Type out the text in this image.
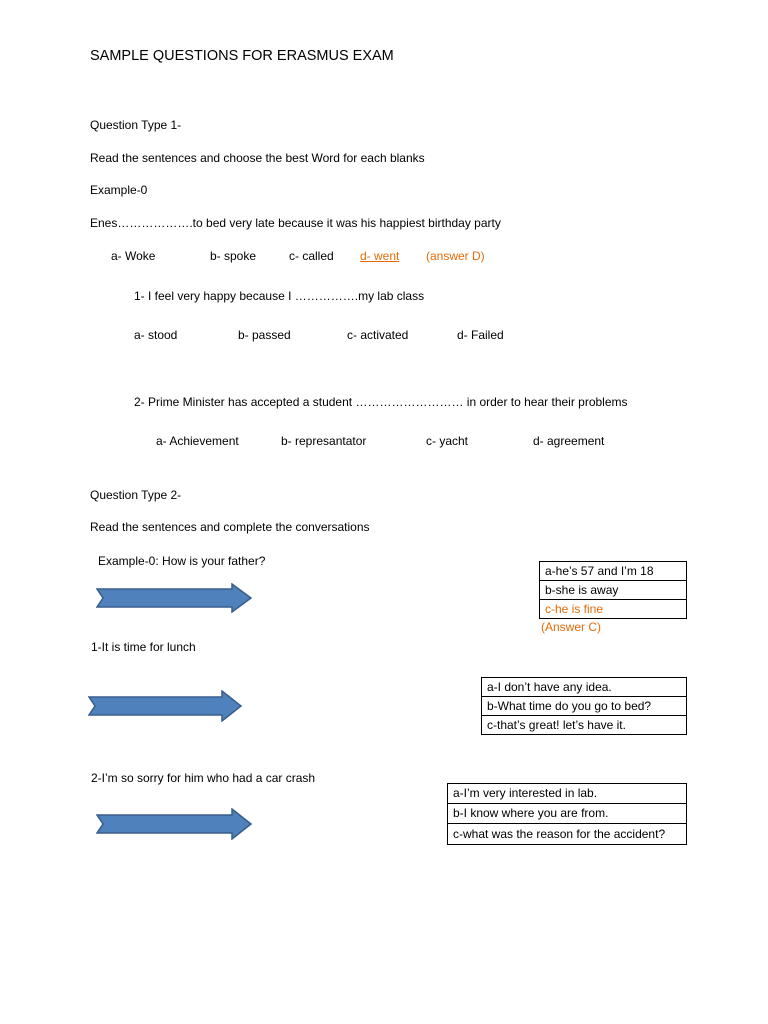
SAMPLE QUESTIONS FOR ERASMUS EXAM
Question Type 1-
Read the sentences and choose the best Word for each blanks
Example-0
Enes……………….to bed very late because it was his happiest birthday party
a- Woke	b- spoke	c- called d- went (answer D)
1- I feel very happy because I …………….my lab class
a- stood	b- passed	c- activated	d- Failed
2- Prime Minister has accepted a student ……………………… in order to hear their problems
a- Achievement	b- represantator	c- yacht	d- agreement
Question Type 2-
Read the sentences and complete the conversations
Example-0: How is your father?
a-he’s 57 and I’m 18
b-she is away
c-he is fine
(Answer C)
1-It is time for lunch
a-I don’t have any idea.
b-What time do you go to bed?
c-that’s great! let’s have it.
2-I’m so sorry for him who had a car crash
a-I’m very interested in lab.
b-I know where you are from.
c-what was the reason for the accident?
